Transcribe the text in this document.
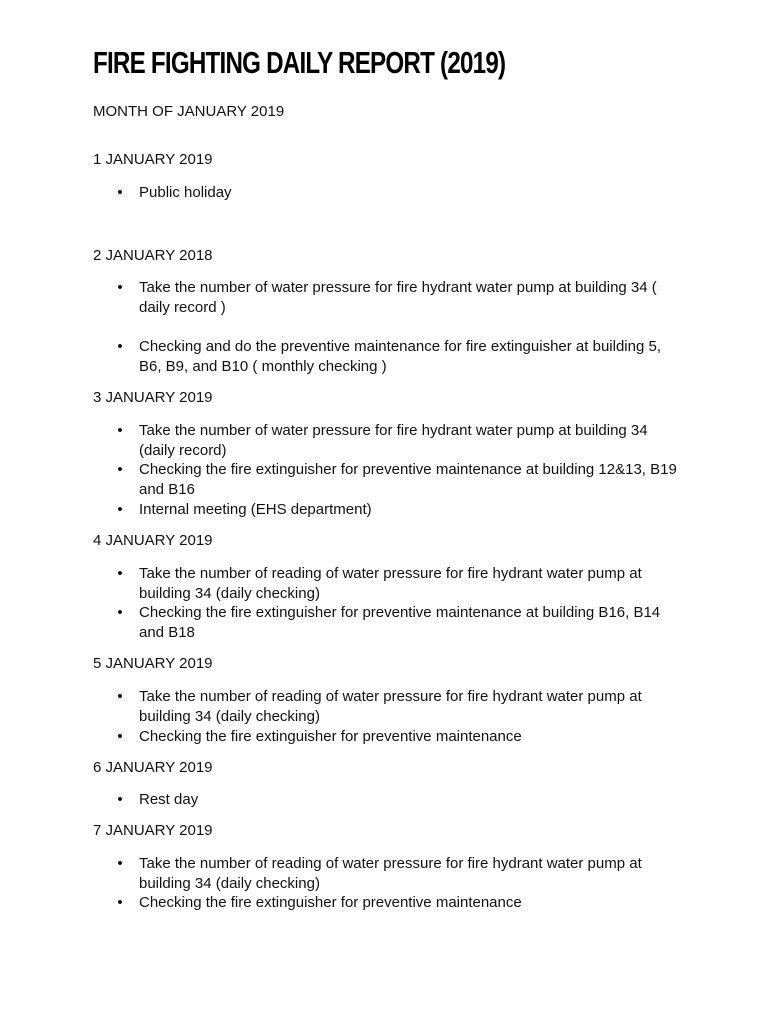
FIRE FIGHTING DAILY REPORT (2019)

MONTH OF JANUARY 2019

1 JANUARY 2019
• Public holiday

2 JANUARY 2018
• Take the number of water pressure for fire hydrant water pump at building 34 ( daily record )

• Checking and do the preventive maintenance for fire extinguisher at building 5, B6, B9, and B10 ( monthly checking )

3 JANUARY 2019
• Take the number of water pressure for fire hydrant water pump at building 34 (daily record)

• Checking the fire extinguisher for preventive maintenance at building 12&13, B19 and B16

• Internal meeting (EHS department)

4 JANUARY 2019
• Take the number of reading of water pressure for fire hydrant water pump at building 34 (daily checking)

• Checking the fire extinguisher for preventive maintenance at building B16, B14 and B18

5 JANUARY 2019
• Take the number of reading of water pressure for fire hydrant water pump at building 34 (daily checking)

• Checking the fire extinguisher for preventive maintenance

6 JANUARY 2019
• Rest day

7 JANUARY 2019
• Take the number of reading of water pressure for fire hydrant water pump at building 34 (daily checking)

• Checking the fire extinguisher for preventive maintenance
